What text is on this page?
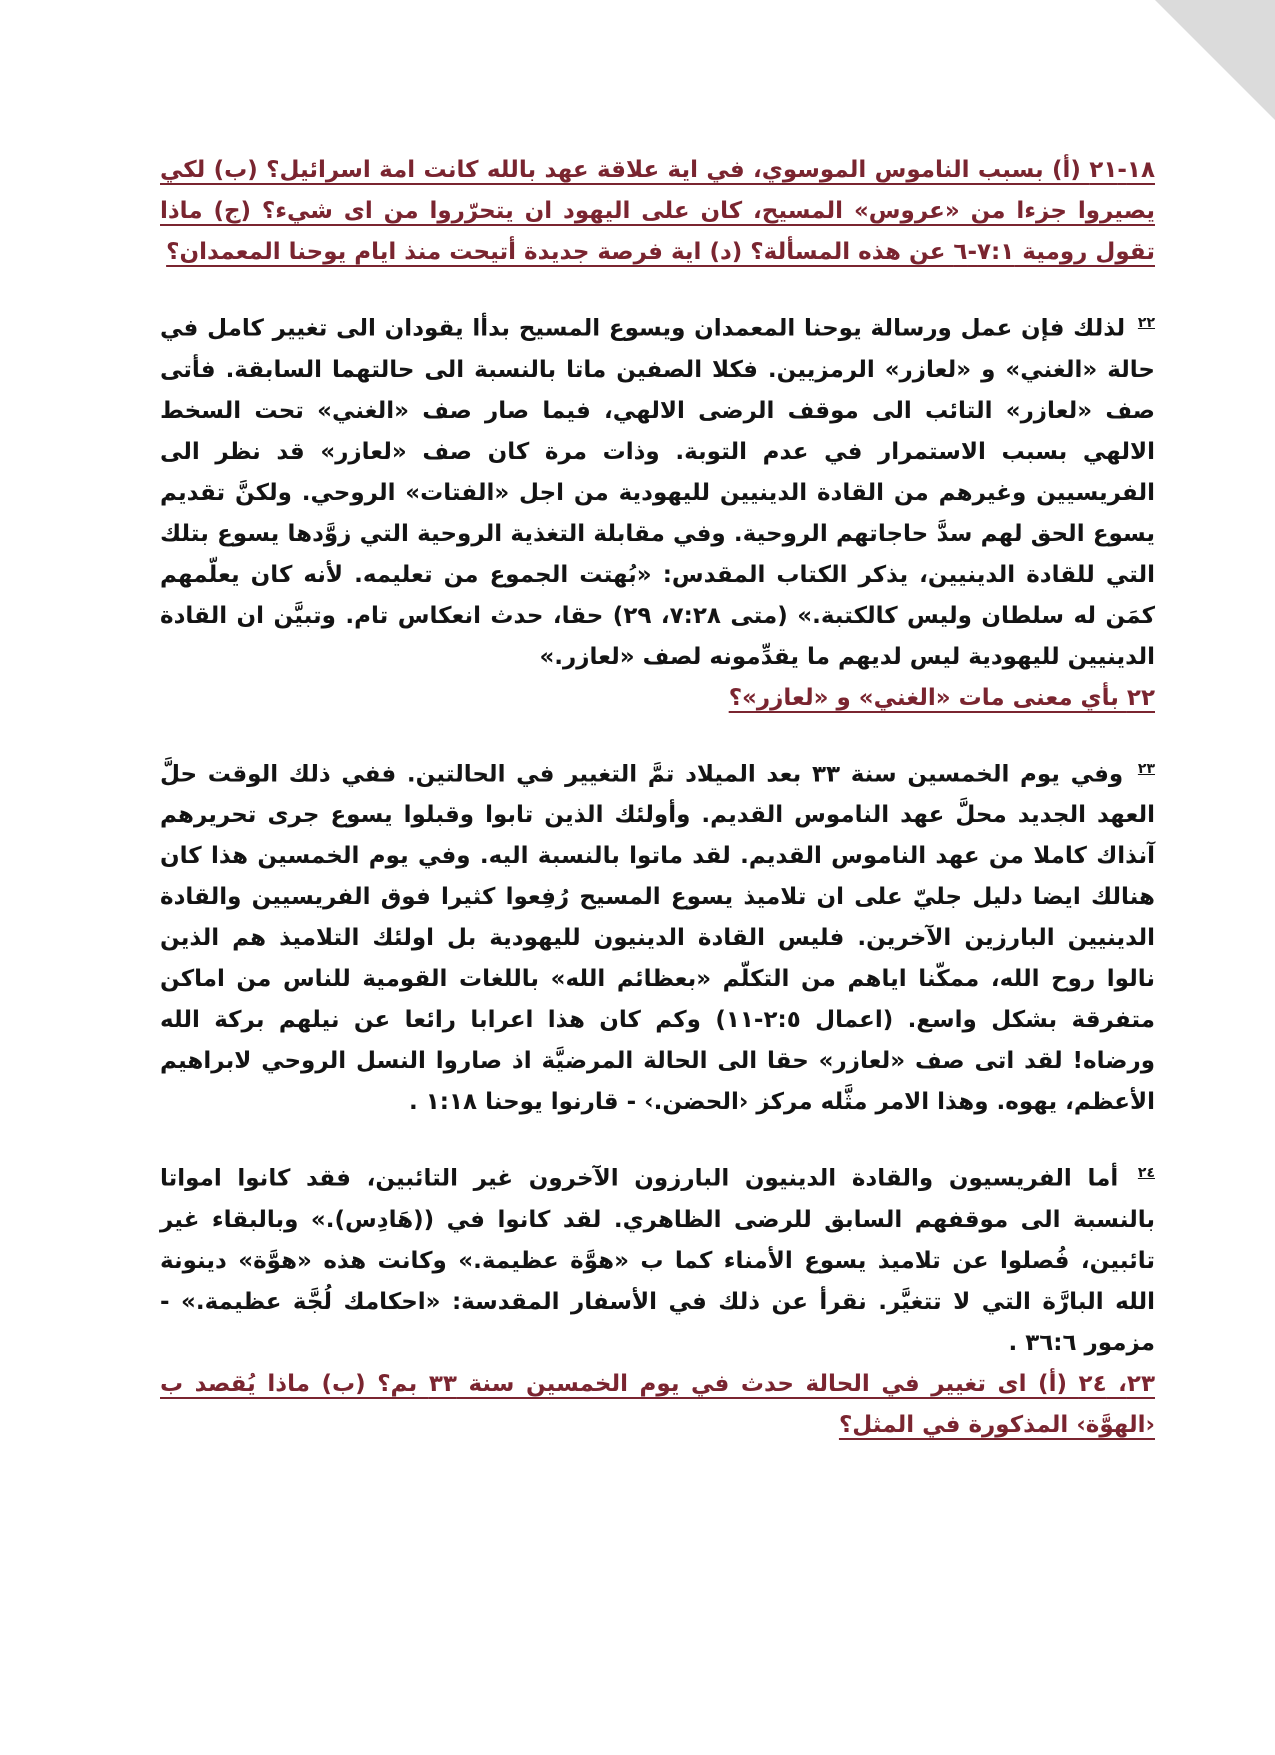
١٨-٢١ (أ) بسبب الناموس الموسوي، في اية علاقة عهد بالله كانت امة اسرائيل؟ (ب) لكي يصيروا جزءا من «عروس» المسيح، كان على اليهود ان يتحرّروا من اى شيء؟ (ج) ماذا تقول رومية ٧:١-٦ عن هذه المسألة؟ (د) اية فرصة جديدة أتيحت منذ ايام يوحنا المعمدان؟

$^{٢٢}$ لذلك فإن عمل ورسالة يوحنا المعمدان ويسوع المسيح بدأا يقودان الى تغيير كامل في حالة «الغني» و «لعازر» الرمزيين. فكلا الصفين ماتا بالنسبة الى حالتهما السابقة. فأتى صف «لعازر» التائب الى موقف الرضى الالهي، فيما صار صف «الغني» تحت السخط الالهي بسبب الاستمرار في عدم التوبة. وذات مرة كان صف «لعازر» قد نظر الى الفريسيين وغيرهم من القادة الدينيين لليهودية من اجل «الفتات» الروحي. ولكنَّ تقديم يسوع الحق لهم سدَّ حاجاتهم الروحية. وفي مقابلة التغذية الروحية التي زوَّدها يسوع بتلك التي للقادة الدينيين، يذكر الكتاب المقدس: «بُهتت الجموع من تعليمه. لأنه كان يعلّمهم كمَن له سلطان وليس كالكتبة.» (متى ٧:٢٨، ٢٩) حقا، حدث انعكاس تام. وتبيَّن ان القادة الدينيين لليهودية ليس لديهم ما يقدِّمونه لصف «لعازر.»

٢٢ بأي معنى مات «الغني» و «لعازر»؟

$^{٢٣}$ وفي يوم الخمسين سنة ٣٣ بعد الميلاد تمَّ التغيير في الحالتين. ففي ذلك الوقت حلَّ العهد الجديد محلَّ عهد الناموس القديم. وأولئك الذين تابوا وقبلوا يسوع جرى تحريرهم آنذاك كاملا من عهد الناموس القديم. لقد ماتوا بالنسبة اليه. وفي يوم الخمسين هذا كان هنالك ايضا دليل جليّ على ان تلاميذ يسوع المسيح رُفِعوا كثيرا فوق الفريسيين والقادة الدينيين البارزين الآخرين. فليس القادة الدينيون لليهودية بل اولئك التلاميذ هم الذين نالوا روح الله، ممكّنا اياهم من التكلّم «بعظائم الله» باللغات القومية للناس من اماكن متفرقة بشكل واسع. (اعمال ٢:٥-١١) وكم كان هذا اعرابا رائعا عن نيلهم بركة الله ورضاه! لقد اتى صف «لعازر» حقا الى الحالة المرضيَّة اذ صاروا النسل الروحي لابراهيم الأعظم، يهوه. وهذا الامر مثَّله مركز ‹الحضن.› - قارنوا يوحنا ١:١٨ .

$^{٢٤}$ أما الفريسيون والقادة الدينيون البارزون الآخرون غير التائبين، فقد كانوا امواتا بالنسبة الى موقفهم السابق للرضى الظاهري. لقد كانوا في ((هَادِس).» وبالبقاء غير تائبين، فُصلوا عن تلاميذ يسوع الأمناء كما ب «هوَّة عظيمة.» وكانت هذه «هوَّة» دينونة الله البارَّة التي لا تتغيَّر. نقرأ عن ذلك في الأسفار المقدسة: «احكامك لُجَّة عظيمة.» - مزمور ٣٦:٦ .

٢٣، ٢٤ (أ) اى تغيير في الحالة حدث في يوم الخمسين سنة ٣٣ بم؟ (ب) ماذا يُقصد ب ‹الهوَّة› المذكورة في المثل؟
